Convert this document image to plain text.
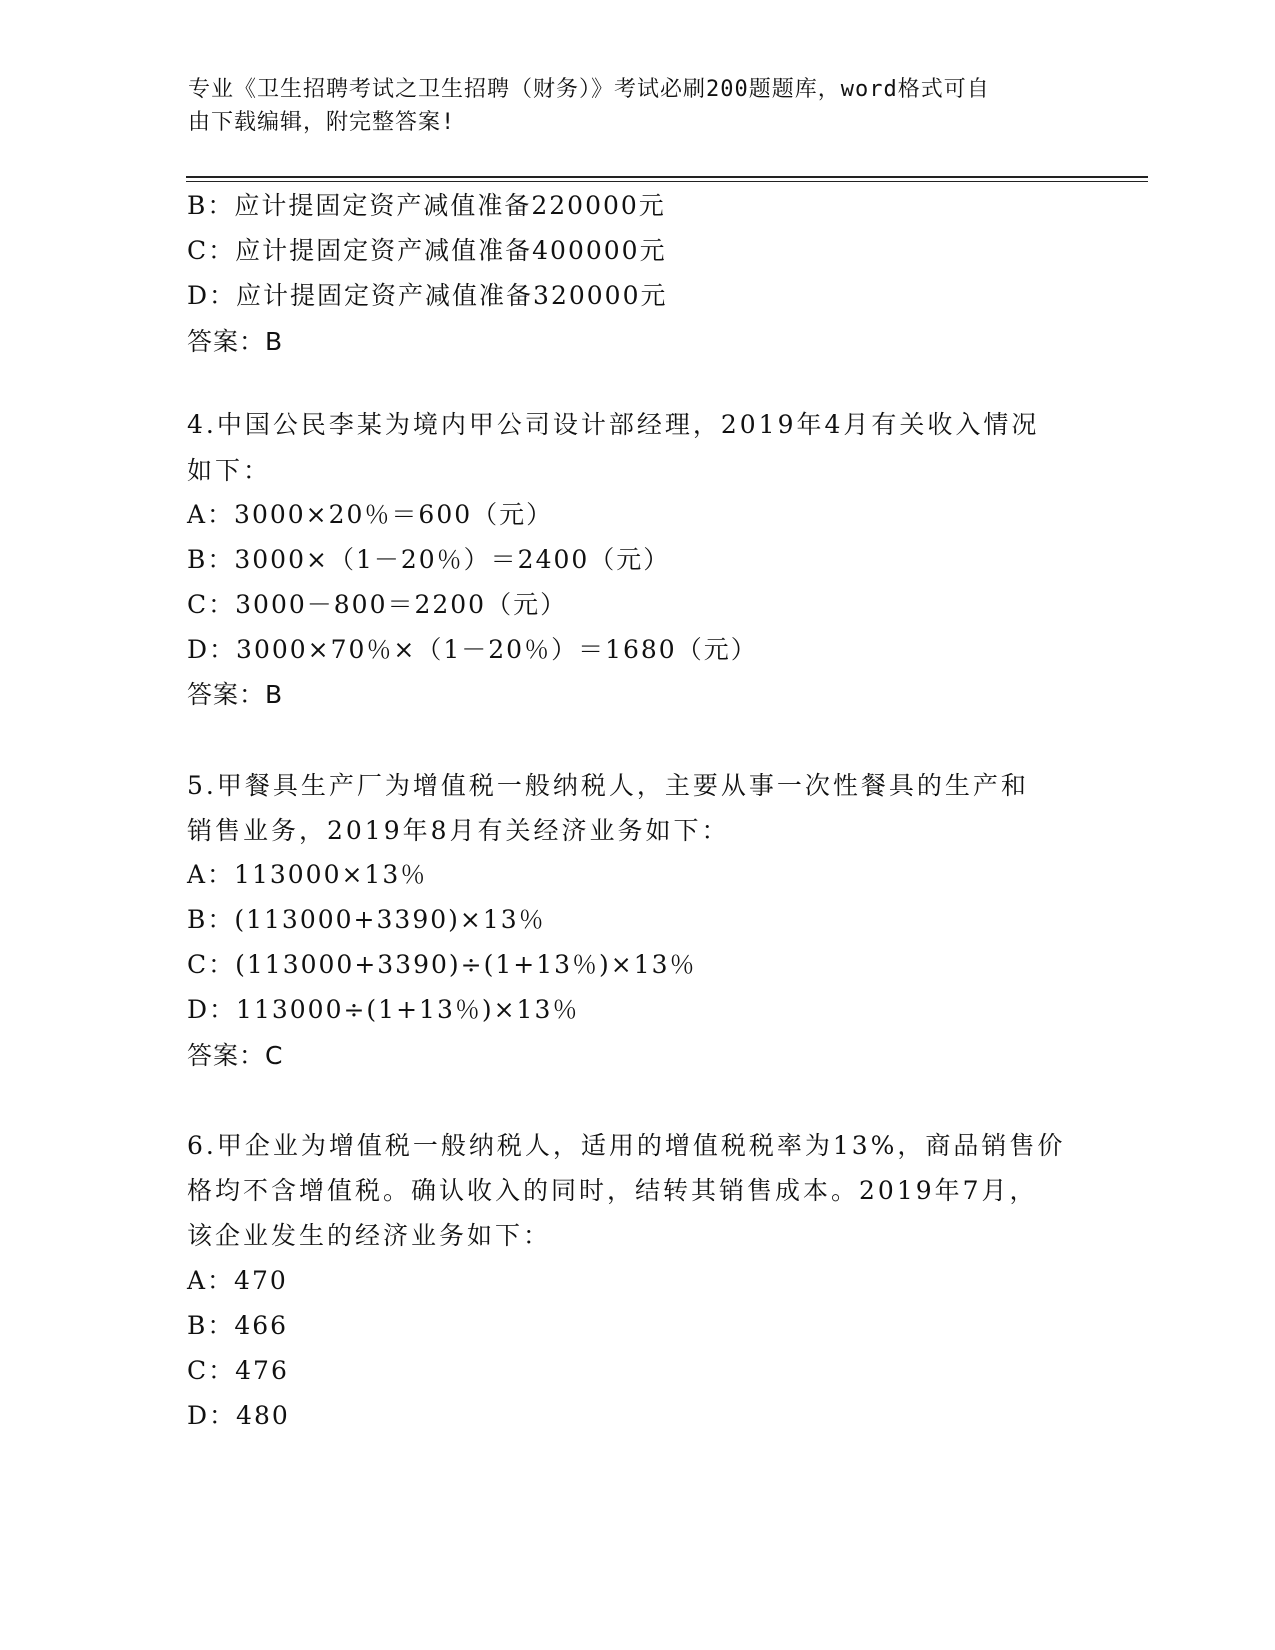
专业《卫生招聘考试之卫生招聘（财务）》考试必刷200题题库，word格式可自
由下载编辑，附完整答案!
B：应计提固定资产减值准备220000元
C：应计提固定资产减值准备400000元
D：应计提固定资产减值准备320000元
答案：B
4.中国公民李某为境内甲公司设计部经理，2019年4月有关收入情况
如下：
A：3000×20％＝600（元）
B：3000×（1－20％）＝2400（元）
C：3000－800＝2200（元）
D：3000×70％×（1－20％）＝1680（元）
答案：B
5.甲餐具生产厂为增值税一般纳税人，主要从事一次性餐具的生产和
销售业务，2019年8月有关经济业务如下：
A：113000×13％
B：(113000+3390)×13％
C：(113000+3390)÷(1+13％)×13％
D：113000÷(1+13％)×13％
答案：C
6.甲企业为增值税一般纳税人，适用的增值税税率为13%，商品销售价
格均不含增值税。确认收入的同时，结转其销售成本。2019年7月，
该企业发生的经济业务如下：
A：470
B：466
C：476
D：480
